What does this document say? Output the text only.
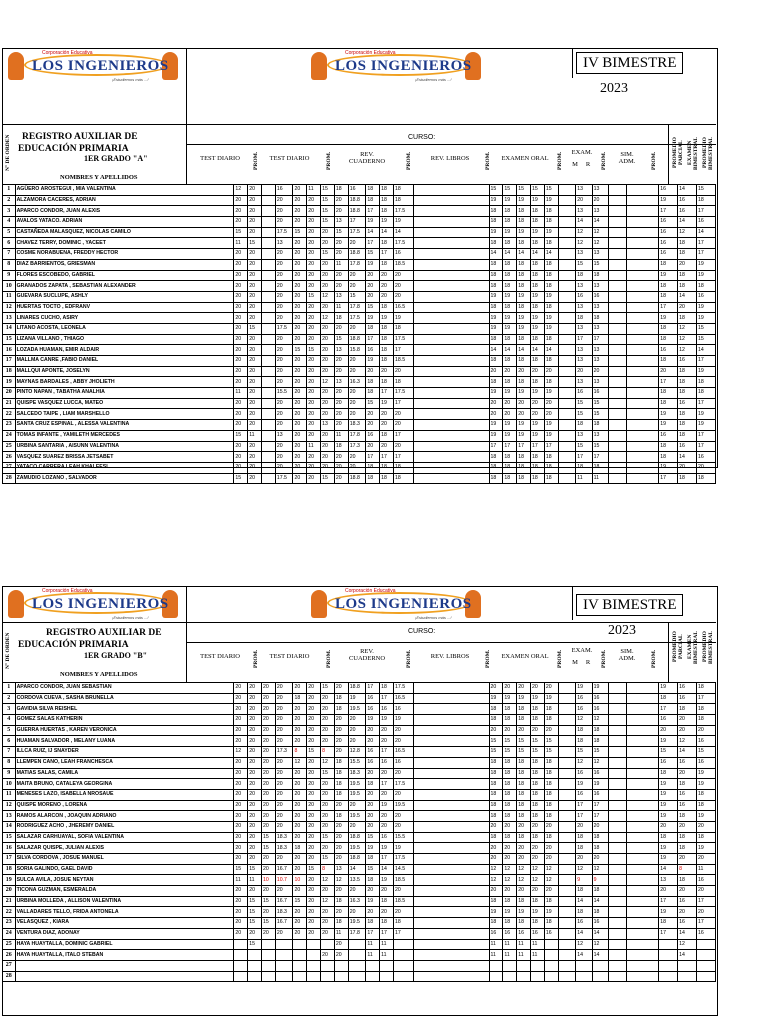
Corporación Educativa
LOS INGENIEROS
¡Estudiemos más ...!
Corporación Educativa
LOS INGENIEROS
¡Estudiemos más ...!
IV BIMESTRE
2023
N° DE ORDEN REGISTRO AUXILIAR DE
EDUCACIÓN PRIMARIA
1ER GRADO "A"
CURSO:
NOMBRES Y APELLIDOS
TEST DIARIO	TEST DIARIO
REV. CUADERNO	REV. LIBROS	EXAMEN ORAL
EXAM.
M	R
SIM. ADM.
PROM.	PROM.	PROM.	PROM.	PROM.	PROM.	PROM.	PROMEDIO PARCIAL EXAMEN BIMESTRAL PROMEDIO BIMESTRAL
1	AGÜERO AROSTEGUI , MIA VALENTINA	12	20		16	20	11	15	18	16	18	18	18		15	15	15	15	15		13	13			16	14	15
2	ALZAMORA CACERES, ADRIAN	20	20		20	20	20	15	20	18.8	18	18	18		19	19	19	19	19		20	20			19	16	18
3	APARCO CONDOR, JUAN ALEXIS	20	20		20	20	20	15	20	18.8	17	18	17.5		18	18	18	18	18		13	13			17	16	17
4	AVALOS YATACO. ADRIAN	20	20		20	20	20	15	13	17	19	19	19		18	18	18	18	18		14	14			16	14	16
5	CASTAÑEDA MALASQUEZ, NICOLAS CAMILO	15	20		17.5	15	20	20	15	17.5	14	14	14		19	19	19	19	19		12	12			16	12	14
6	CHAVEZ TERRY, DOMINIC , YACEET	11	15		13	20	20	20	20	20	17	18	17.5		18	18	18	18	18		12	12			16	18	17
7	COSME NORABUENA, FREDDY HECTOR	20	20		20	20	20	15	20	18.8	15	17	16		14	14	14	14	14		13	13			16	18	17
8	DIAZ BARRIENTOS, GRIESMAN	20	20		20	20	20	20	11	17.8	19	18	18.5		18	18	18	18	18		15	15			18	20	19
9	FLORES ESCOBEDO, GABRIEL	20	20		20	20	20	20	20	20	20	20	20		18	18	18	18	18		18	18			19	18	19
10	GRANADOS ZAPATA , SEBASTIAN ALEXANDER	20	20		20	20	20	20	20	20	20	20	20		18	18	18	18	18		13	13			18	18	18
11	GUEVARA SUCLUPE, ASHLY	20	20		20	20	15	12	13	15	20	20	20		19	19	19	19	19		16	16			18	14	16
12	HUERTAS TOCTO , EDFRANV	20	20		20	20	20	20	11	17.8	15	18	16.5		18	18	18	18	18		13	13			17	20	19
13	LINARES CUCHO, ASIRY	20	20		20	20	20	12	18	17.5	19	19	19		19	19	19	19	19		18	18			19	18	19
14	LITANO ACOSTA, LEONELA	20	15		17.5	20	20	20	20	20	18	18	18		19	19	19	19	19		13	13			18	12	15
15	LIZANA VILLANO , THIAGO	20	20		20	20	20	20	15	18.8	17	18	17.5		18	18	18	18	18		17	17			18	12	15
16	LOZADA HUAMAN, EMIR ALDAIR	20	20		20	15	15	20	13	15.8	16	18	17		14	14	14	14	14		13	13			16	12	14
17	MALLMA CANRE ,FABIO DANIEL	20	20		20	20	20	20	20	20	19	18	18.5		18	18	18	18	18		13	13			18	16	17
18	MALLQUI APONTE, JOSELYN	20	20		20	20	20	20	20	20	20	20	20		20	20	20	20	20		20	20			20	18	19
19	MAYNAS BARDALES , ABBY JHOLIETH	20	20		20	20	20	12	13	16.3	18	18	18		18	18	18	18	18		13	13			17	18	18
20	PINTO NAPAN , TABATHA ANALHIA	11	20		15.5	20	20	20	20	20	18	17	17.5		19	19	19	19	19		16	16			18	18	18
21	QUISPE VASQUEZ LUCCA, MATEO	20	20		20	20	20	20	20	20	15	19	17		20	20	20	20	20		15	15			18	16	17
22	SALCEDO TAIPE , LIAM MARSHELLO	20	20		20	20	20	20	20	20	20	20	20		20	20	20	20	20		15	15			19	18	19
23	SANTA CRUZ ESPINAL , ALESSA VALENTINA	20	20		20	20	20	13	20	18.3	20	20	20		19	19	19	19	19		18	18			19	18	19
24	TOMAS INFANTE , YAMILETH MERCEDES	15	11		13	20	20	20	11	17.8	16	18	17		19	19	19	19	19		13	13			16	18	17
25	URBINA SANTARIA , AISUNN VALENTINA	20	20		20	20	11	20	18	17.3	20	20	20		17	17	17	17	17		15	15			18	16	17
26	VASQUEZ SUAREZ BRISSA JETSABET	20	20		20	20	20	20	20	20	17	17	17		18	18	18	18	18		17	17			18	14	16
27	YATACO CARRERA LEAH KHALEESI	20	20		20	20	20	20	20	20	18	18	18		18	18	18	18	18		18	18			19	20	20
28	ZAMUDIO LOZANO , SALVADOR	15	20		17.5	20	20	15	20	18.8	18	18	18		18	18	18	18	18		11	11			17	18	18
Corporación Educativa
LOS INGENIEROS
¡Estudiemos más ...!
Corporación Educativa
LOS INGENIEROS
¡Estudiemos más ...!
IV BIMESTRE
2023
N° DE ORDEN	REGISTRO AUXILIAR DE
EDUCACIÓN PRIMARIA
1ER GRADO "B"
CURSO:
NOMBRES Y APELLIDOS
TEST DIARIO	TEST DIARIO
REV. CUADERNO	REV. LIBROS	EXAMEN ORAL
EXAM.
M	R
SIM. ADM.
PROM.	PROM.	PROM.	PROM.	PROM.	PROM.	PROM.	PROMEDIO PARCIAL EXAMEN BIMESTRAL PROMEDIO BIMESTRAL
1	APARCO CONDOR, JUAN SEBASTIAN	20	20	20	20	20	20	15	20	18.8	17	18	17.5		20	20	20	20	20		19	19			19	16	18
2	CORDOVA CUEVA , SASHA BRUNELLA	20	20	20	20	18	20	20	18	19	16	17	16.5		19	19	19	19	19		16	16			18	16	17
3	GAVIDIA SILVA REISHEL	20	20	20	20	20	20	20	18	19.5	16	16	16		18	18	18	18	18		16	16			17	18	18
4	GOMEZ SALAS KATHERIN	20	20	20	20	20	20	20	20	20	19	19	19		18	18	18	18	18		12	12			16	20	18
5	GUERRA HUERTAS , KAREN VERONICA	20	20	20	20	20	20	20	20	20	20	20	20		20	20	20	20	20		18	18			20	20	20
6	HUAMAN SALVADOR , MELANY LUANA	20	20	20	20	20	20	20	20	20	20	20	20		15	15	15	15	15		18	18			19	12	16
7	ILLCA RUIZ, IJ SNAYDER	12	20	20	17.3	8	15	8	20	12.8	16	17	16.5		15	15	15	15	15		15	15			15	14	15
8	LLEMPEN CANO, LEAH FRANCHESCA	20	20	20	20	12	20	12	18	15.5	16	16	16		18	18	18	18	18		12	12			16	16	16
9	MATIAS SALAS, CAMILA	20	20	20	20	20	20	15	18	18.3	20	20	20		18	18	18	18	18		16	16			18	20	19
10	MAITA BRUNO, CATALEYA GEORGINA	20	20	20	20	20	20	20	18	19.5	18	17	17.5		18	18	18	18	18		19	19			19	18	19
11	MENESES LAZO, ISABELLA NROSAUE	20	20	20	20	20	20	20	18	19.5	20	20	20		18	18	18	18	18		16	16			19	16	18
12	QUISPE MORENO , LORENA	20	20	20	20	20	20	20	20	20	20	19	19.5		18	18	18	18	18		17	17			19	16	18
13	RAMOS ALARCON , JOAQUIN ADRIANO	20	20	20	20	20	20	20	18	19.5	20	20	20		18	18	18	18	18		17	17			19	18	19
14	RODRIGUEZ ACHO , JHEREMY DANIEL	20	20	20	20	20	20	20	20	20	20	20	20		20	20	20	20	20		20	20			20	20	20
15	SALAZAR CARHUAYAL, SOFIA VALENTINA	20	20	15	18.3	20	20	15	20	18.8	15	16	15.5		18	18	18	18	18		18	18			18	18	18
16	SALAZAR QUISPE, JULIAN ALEXIS	20	20	15	18.3	18	20	20	20	19.5	19	19	19		20	20	20	20	20		18	18			19	18	19
17	SILVA CORDOVA , JOSUE MANUEL	20	20	20	20	20	20	15	20	18.8	18	17	17.5		20	20	20	20	20		20	20			19	20	20
18	SORIA GALINDO, GAEL DAVID	15	15	20	16.7	20	15	8	13	14	15	14	14.5		12	12	12	12	12		12	12			14	8	11
19	SULCA AVILA, JOSUE NEYTAN	11	11	10	10.7	10	20	12	12	13.5	18	19	18.5		12	12	12	12	12		9	9			13	18	16
20	TICONA GUZMAN, ESMERALDA	20	20	20	20	20	20	20	20	20	20	20	20		20	20	20	20	20		18	18			20	20	20
21	URBINA MOLLEDA , ALLISON VALENTINA	20	15	15	16.7	15	20	12	18	16.3	19	18	18.5		18	18	18	18	18		14	14			17	16	17
22	VALLADARES TELLO, FRIDA ANTONELA	20	15	20	18.3	20	20	20	20	20	20	20	20		19	19	19	19	19		18	18			19	20	20
23	VELASQUEZ , KIARA	20	15	15	16.7	20	20	20	18	19.5	18	18	18		18	18	18	18	18		16	16			18	16	17
24	VENTURA DIAZ, ADONAY	20	20	20	20	20	20	20	11	17.8	17	17	17		16	16	16	16	16		14	14			17	14	16
25	HAYA HUAYTALLA, DOMINIC GABRIEL		15						20		11	11			11	11	11	11			12	12				12	
26	HAYA HUAYTALLA, ITALO STEBAN							20	20		11	11			11	11	11	11			14	14				14	
27																											
28																											
